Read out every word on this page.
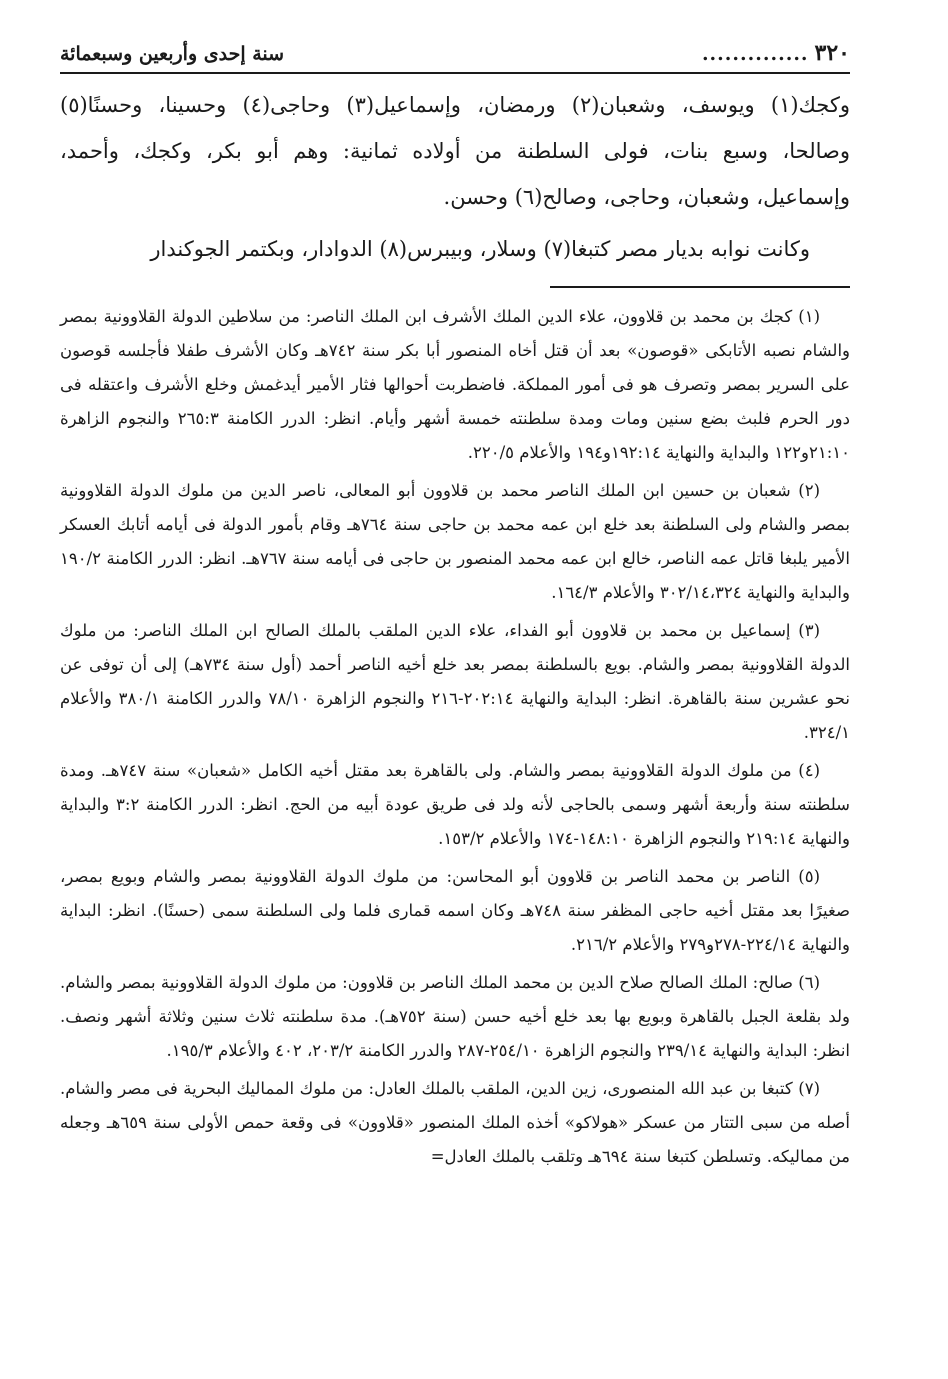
٣٢٠
..............
سنة إحدى وأربعين وسبعمائة

وكجك(١) ويوسف، وشعبان(٢) ورمضان، وإسماعيل(٣) وحاجى(٤) وحسينا، وحسنًا(٥) وصالحا، وسبع بنات، فولى السلطنة من أولاده ثمانية: وهم أبو بكر، وكجك، وأحمد، وإسماعيل، وشعبان، وحاجى، وصالح(٦) وحسن.

وكانت نوابه بديار مصر كتبغا(٧) وسلار، وبيبرس(٨) الدوادار، وبكتمر الجوكندار

(١) كجك بن محمد بن قلاوون، علاء الدين الملك الأشرف ابن الملك الناصر: من سلاطين الدولة القلاوونية بمصر والشام نصبه الأتابكى «قوصون» بعد أن قتل أخاه المنصور أبا بكر سنة ٧٤٢هـ وكان الأشرف طفلا فأجلسه قوصون على السرير بمصر وتصرف هو فى أمور المملكة. فاضطربت أحوالها فثار الأمير أيدغمش وخلع الأشرف واعتقله فى دور الحرم فلبث بضع سنين ومات ومدة سلطنته خمسة أشهر وأيام. انظر: الدرر الكامنة ٢٦٥:٣ والنجوم الزاهرة ٢١:١٠و١٢٢ والبداية والنهاية ١٩٢:١٤و١٩٤ والأعلام ٢٢٠/٥.

(٢) شعبان بن حسين ابن الملك الناصر محمد بن قلاوون أبو المعالى، ناصر الدين من ملوك الدولة القلاوونية بمصر والشام ولى السلطنة بعد خلع ابن عمه محمد بن حاجى سنة ٧٦٤هـ وقام بأمور الدولة فى أيامه أتابك العسكر الأمير يلبغا قاتل عمه الناصر، خالع ابن عمه محمد المنصور بن حاجى فى أيامه سنة ٧٦٧هـ. انظر: الدرر الكامنة ١٩٠/٢ والبداية والنهاية ٣٠٢/١٤،٣٢٤ والأعلام ١٦٤/٣.

(٣) إسماعيل بن محمد بن قلاوون أبو الفداء، علاء الدين الملقب بالملك الصالح ابن الملك الناصر: من ملوك الدولة القلاوونية بمصر والشام. بويع بالسلطنة بمصر بعد خلع أخيه الناصر أحمد (أول سنة ٧٣٤هـ) إلى أن توفى عن نحو عشرين سنة بالقاهرة. انظر: البداية والنهاية ٢٠٢:١٤-٢١٦ والنجوم الزاهرة ٧٨/١٠ والدرر الكامنة ٣٨٠/١ والأعلام ٣٢٤/١.

(٤) من ملوك الدولة القلاوونية بمصر والشام. ولى بالقاهرة بعد مقتل أخيه الكامل «شعبان» سنة ٧٤٧هـ. ومدة سلطنته سنة وأربعة أشهر وسمى بالحاجى لأنه ولد فى طريق عودة أبيه من الحج. انظر: الدرر الكامنة ٣:٢ والبداية والنهاية ٢١٩:١٤ والنجوم الزاهرة ١٤٨:١٠-١٧٤ والأعلام ١٥٣/٢.

(٥) الناصر بن محمد الناصر بن قلاوون أبو المحاسن: من ملوك الدولة القلاوونية بمصر والشام وبويع بمصر، صغيرًا بعد مقتل أخيه حاجى المظفر سنة ٧٤٨هـ وكان اسمه قمارى فلما ولى السلطنة سمى (حسنًا). انظر: البداية والنهاية ٢٢٤/١٤-٢٧٨و٢٧٩ والأعلام ٢١٦/٢.

(٦) صالح: الملك الصالح صلاح الدين بن محمد الملك الناصر بن قلاوون: من ملوك الدولة القلاوونية بمصر والشام. ولد بقلعة الجبل بالقاهرة وبويع بها بعد خلع أخيه حسن (سنة ٧٥٢هـ). مدة سلطنته ثلاث سنين وثلاثة أشهر ونصف. انظر: البداية والنهاية ٢٣٩/١٤ والنجوم الزاهرة ٢٥٤/١٠-٢٨٧ والدرر الكامنة ٢٠٣/٢، ٤٠٢ والأعلام ١٩٥/٣.

(٧) كتبغا بن عبد الله المنصورى، زين الدين، الملقب بالملك العادل: من ملوك المماليك البحرية فى مصر والشام. أصله من سبى التتار من عسكر «هولاكو» أخذه الملك المنصور «قلاوون» فى وقعة حمص الأولى سنة ٦٥٩هـ وجعله من مماليكه. وتسلطن كتبغا سنة ٦٩٤هـ وتلقب بالملك العادل=
